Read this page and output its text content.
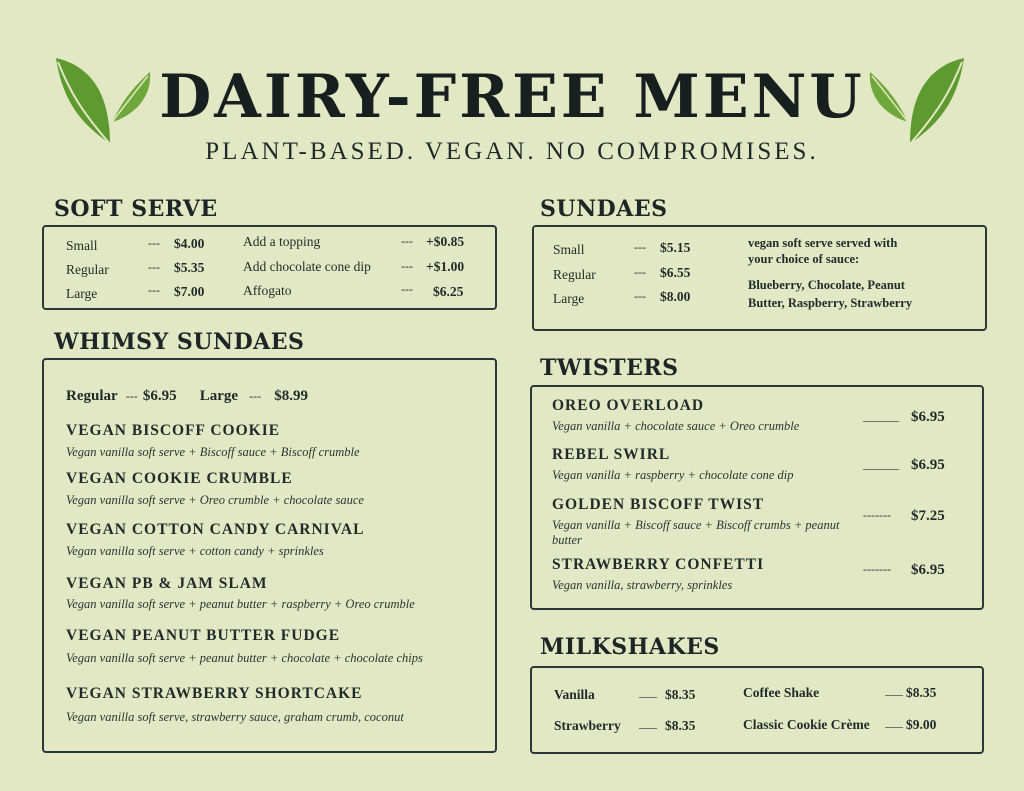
DAIRY-FREE MENU
PLANT-BASED. VEGAN. NO COMPROMISES.
SOFT SERVE
Small	--- $4.00
Regular	--- $5.35
Large	--- $7.00
Add a topping	--- +$0.85
Add chocolate cone dip	--- +$1.00
Affogato	--- $6.25
SUNDAES
Small	--- $5.15
Regular	--- $6.55
Large	--- $8.00
vegan soft serve served with
your choice of sauce:
Blueberry, Chocolate, Peanut
Butter, Raspberry, Strawberry
WHIMSY SUNDAES
Regular --- $6.95 Large --- $8.99
VEGAN BISCOFF COOKIE
Vegan vanilla soft serve + Biscoff sauce + Biscoff crumble
VEGAN COOKIE CRUMBLE
Vegan vanilla soft serve + Oreo crumble + chocolate sauce
VEGAN COTTON CANDY CARNIVAL
Vegan vanilla soft serve + cotton candy + sprinkles
VEGAN PB & JAM SLAM
Vegan vanilla soft serve + peanut butter + raspberry + Oreo crumble
VEGAN PEANUT BUTTER FUDGE
Vegan vanilla soft serve + peanut butter + chocolate + chocolate chips
VEGAN STRAWBERRY SHORTCAKE
Vegan vanilla soft serve, strawberry sauce, graham crumb, coconut
TWISTERS
OREO OVERLOAD
Vegan vanilla + chocolate sauce + Oreo crumble
______ $6.95
REBEL SWIRL
Vegan vanilla + raspberry + chocolate cone dip
______ $6.95
GOLDEN BISCOFF TWIST
Vegan vanilla + Biscoff sauce + Biscoff crumbs + peanut butter
------- $7.25
STRAWBERRY CONFETTI
Vegan vanilla, strawberry, sprinkles
------- $6.95
MILKSHAKES
Vanilla	___ $8.35	Coffee Shake	___ $8.35
Strawberry ___ $8.35	Classic Cookie Crème ___ $9.00
